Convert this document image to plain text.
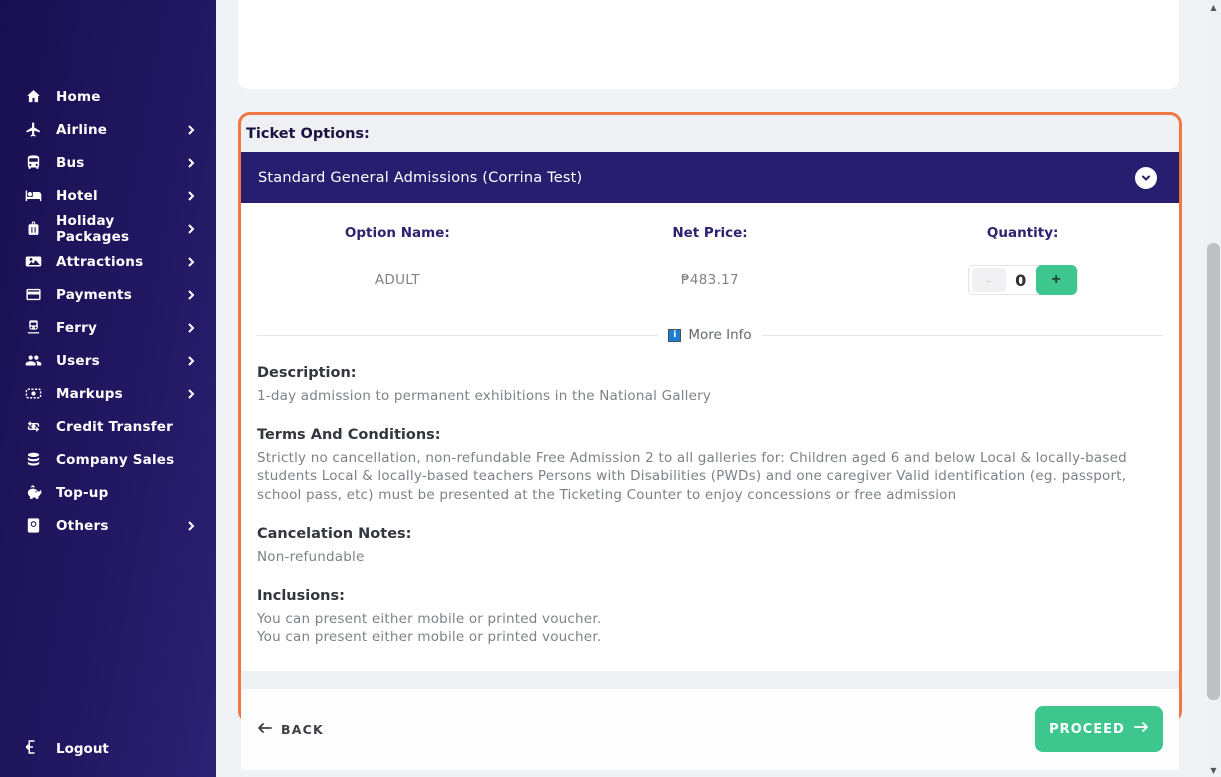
Home
Airline
Bus
Hotel
Holiday Packages
Attractions
Payments
Ferry
Users
Markups
Credit Transfer
Company Sales
Top-up
Others
Logout
Ticket Options:
Standard General Admissions (Corrina Test)
Option Name:	Net Price:	Quantity:
ADULT	₱483.17	-	0	+
i More Info
Description:
1-day admission to permanent exhibitions in the National Gallery
Terms And Conditions:
Strictly no cancellation, non-refundable Free Admission 2 to all galleries for: Children aged 6 and below Local & locally-based students Local & locally-based teachers Persons with Disabilities (PWDs) and one caregiver Valid identification (eg. passport, school pass, etc) must be presented at the Ticketing Counter to enjoy concessions or free admission
Cancelation Notes:
Non-refundable
Inclusions:
You can present either mobile or printed voucher.
You can present either mobile or printed voucher.
BACK	PROCEED
▲
▼
